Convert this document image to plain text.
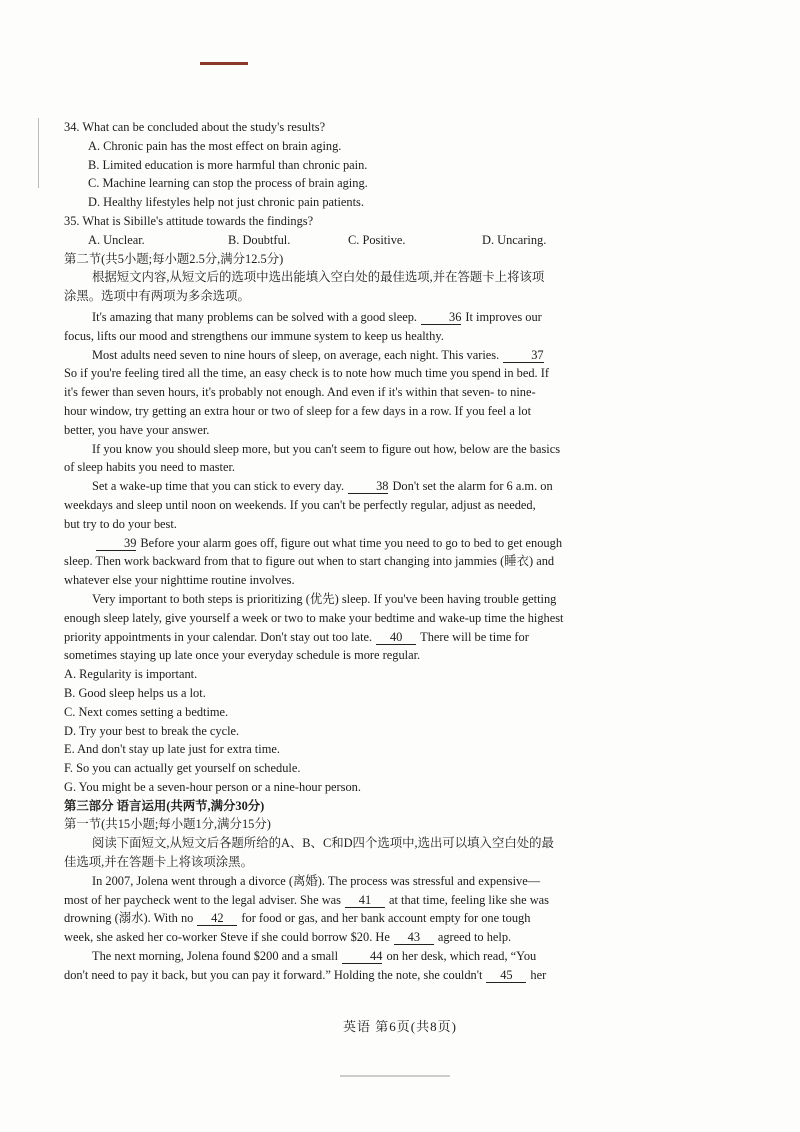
34. What can be concluded about the study's results?
A. Chronic pain has the most effect on brain aging.
B. Limited education is more harmful than chronic pain.
C. Machine learning can stop the process of brain aging.
D. Healthy lifestyles help not just chronic pain patients.
35. What is Sibille's attitude towards the findings?
A. Unclear.	B. Doubtful.	C. Positive.	D. Uncaring.
第二节(共5小题;每小题2.5分,满分12.5分)
根据短文内容,从短文后的选项中选出能填入空白处的最佳选项,并在答题卡上将该项
涂黑。选项中有两项为多余选项。
It's amazing that many problems can be solved with a good sleep.	36 It improves our
focus, lifts our mood and strengthens our immune system to keep us healthy.
Most adults need seven to nine hours of sleep, on average, each night. This varies.	37
So if you're feeling tired all the time, an easy check is to note how much time you spend in bed. If
it's fewer than seven hours, it's probably not enough. And even if it's within that seven- to nine-
hour window, try getting an extra hour or two of sleep for a few days in a row. If you feel a lot
better, you have your answer.
If you know you should sleep more, but you can't seem to figure out how, below are the basics
of sleep habits you need to master.
Set a wake-up time that you can stick to every day.	38 Don't set the alarm for 6 a.m. on
weekdays and sleep until noon on weekends. If you can't be perfectly regular, adjust as needed,
but try to do your best.
39 Before your alarm goes off, figure out what time you need to go to bed to get enough
sleep. Then work backward from that to figure out when to start changing into jammies (睡衣) and
whatever else your nighttime routine involves.
Very important to both steps is prioritizing (优先) sleep. If you've been having trouble getting
enough sleep lately, give yourself a week or two to make your bedtime and wake-up time the highest
priority appointments in your calendar. Don't stay out too late. 40 There will be time for
sometimes staying up late once your everyday schedule is more regular.
A. Regularity is important.
B. Good sleep helps us a lot.
C. Next comes setting a bedtime.
D. Try your best to break the cycle.
E. And don't stay up late just for extra time.
F. So you can actually get yourself on schedule.
G. You might be a seven-hour person or a nine-hour person.
第三部分 语言运用(共两节,满分30分)
第一节(共15小题;每小题1分,满分15分)
阅读下面短文,从短文后各题所给的A、B、C和D四个选项中,选出可以填入空白处的最
佳选项,并在答题卡上将该项涂黑。
In 2007, Jolena went through a divorce (离婚). The process was stressful and expensive—
most of her paycheck went to the legal adviser. She was 41 at that time, feeling like she was
drowning (溺水). With no 42 for food or gas, and her bank account empty for one tough
week, she asked her co-worker Steve if she could borrow $20. He 43 agreed to help.
The next morning, Jolena found $200 and a small	44 on her desk, which read, “You
don't need to pay it back, but you can pay it forward.” Holding the note, she couldn't 45 her
英语 第6页(共8页)
